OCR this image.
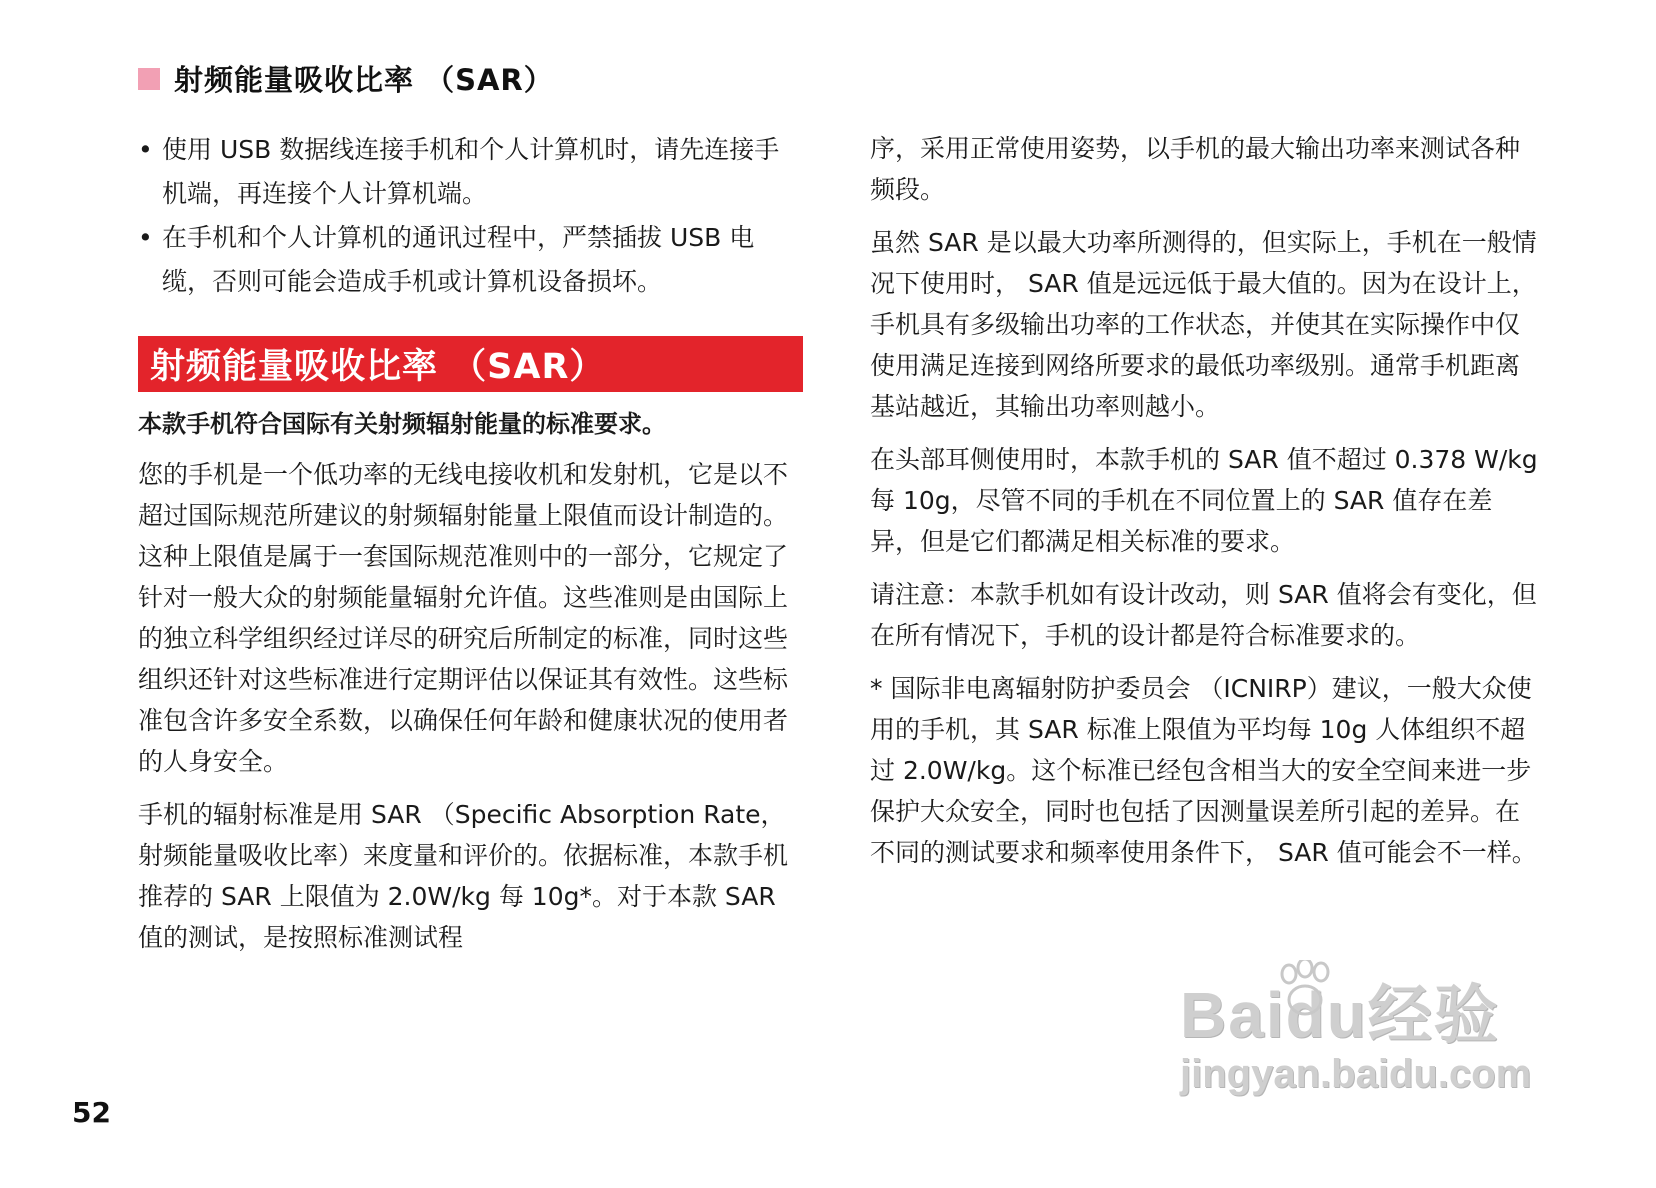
射频能量吸收比率 （SAR）
• 使用 USB 数据线连接手机和个人计算机时，请先连接手机端，再连接个人计算机端。
• 在手机和个人计算机的通讯过程中，严禁插拔 USB 电缆，否则可能会造成手机或计算机设备损坏。
射频能量吸收比率 （SAR）

本款手机符合国际有关射频辐射能量的标准要求。

您的手机是一个低功率的无线电接收机和发射机，它是以不超过国际规范所建议的射频辐射能量上限值而设计制造的。这种上限值是属于一套国际规范准则中的一部分，它规定了针对一般大众的射频能量辐射允许值。这些准则是由国际上的独立科学组织经过详尽的研究后所制定的标准，同时这些组织还针对这些标准进行定期评估以保证其有效性。这些标准包含许多安全系数，以确保任何年龄和健康状况的使用者的人身安全。

手机的辐射标准是用 SAR （Specific Absorption Rate，射频能量吸收比率）来度量和评价的。依据标准，本款手机推荐的 SAR 上限值为 2.0W/kg 每 10g*。对于本款 SAR 值的测试，是按照标准测试程

序，采用正常使用姿势，以手机的最大输出功率来测试各种频段。

虽然 SAR 是以最大功率所测得的，但实际上，手机在一般情况下使用时， SAR 值是远远低于最大值的。因为在设计上，手机具有多级输出功率的工作状态，并使其在实际操作中仅使用满足连接到网络所要求的最低功率级别。通常手机距离基站越近，其输出功率则越小。

在头部耳侧使用时，本款手机的 SAR 值不超过 0.378 W/kg 每 10g，尽管不同的手机在不同位置上的 SAR 值存在差异，但是它们都满足相关标准的要求。

请注意：本款手机如有设计改动，则 SAR 值将会有变化，但在所有情况下，手机的设计都是符合标准要求的。

* 国际非电离辐射防护委员会 （ICNIRP）建议，一般大众使用的手机，其 SAR 标准上限值为平均每 10g 人体组织不超过 2.0W/kg。这个标准已经包含相当大的安全空间来进一步保护大众安全，同时也包括了因测量误差所引起的差异。在不同的测试要求和频率使用条件下， SAR 值可能会不一样。

52
Baidu经验
jingyan.baidu.com
